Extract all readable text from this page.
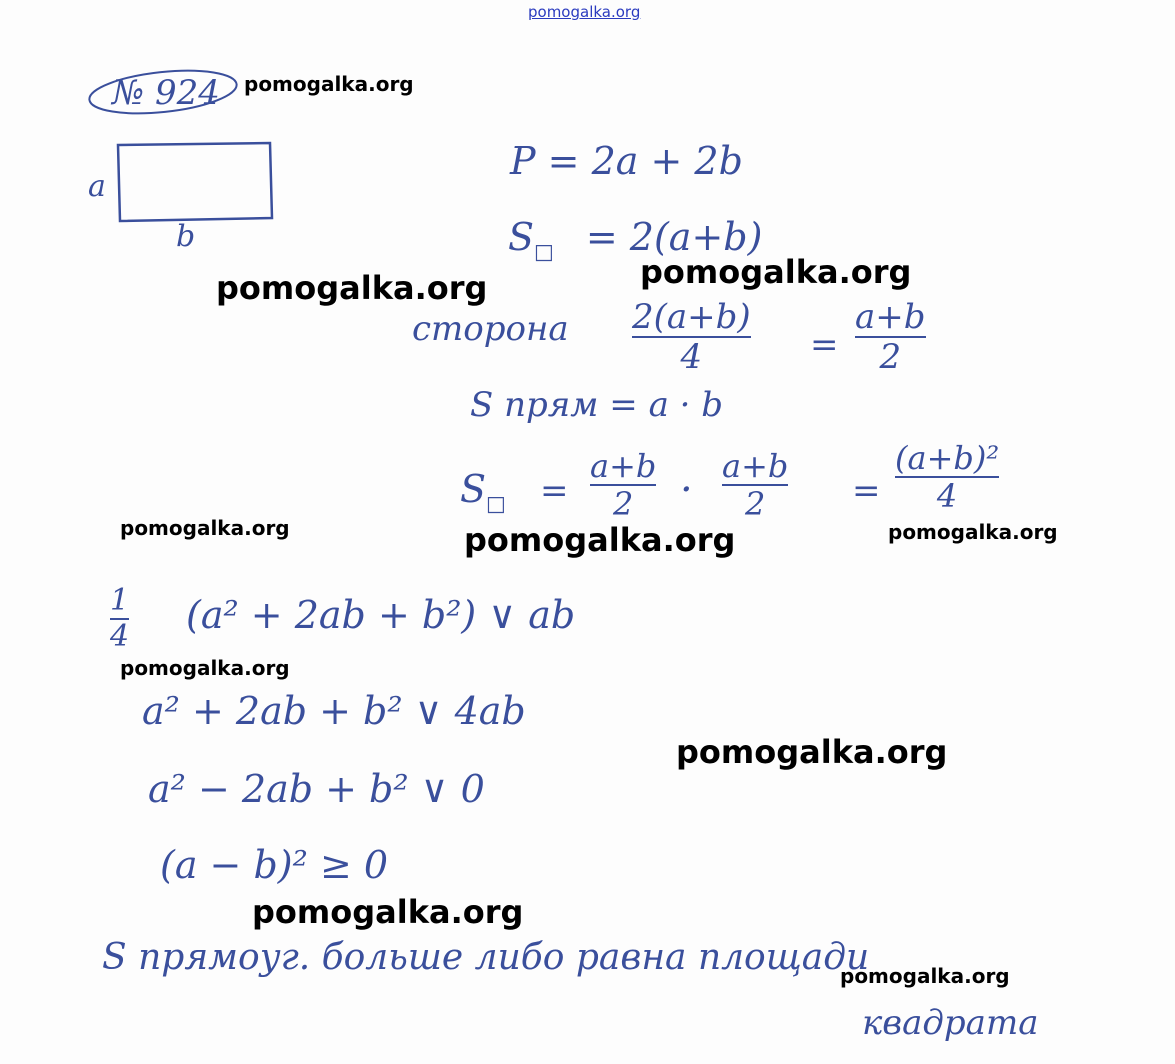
pomogalka.org
№ 924
a
b
P = 2a + 2b
$S_□ = 2(a+b)$
сторона 2(a+b)
4	=
a+b
2
S прям = a · b
$S_□$ =
a+b
2	·
a+b
2	=
(a+b)²
4
1
4 (a² + 2ab + b²) ∨ ab
a² + 2ab + b² ∨ 4ab
a² − 2ab + b² ∨ 0
(a − b)² ≥ 0
S прямоуг. больше либо равна площади
квадрата
pomogalka.org
pomogalka.org	pomogalka.org
pomogalka.org	pomogalka.org	pomogalka.org
pomogalka.org
pomogalka.org
pomogalka.org
pomogalka.org
